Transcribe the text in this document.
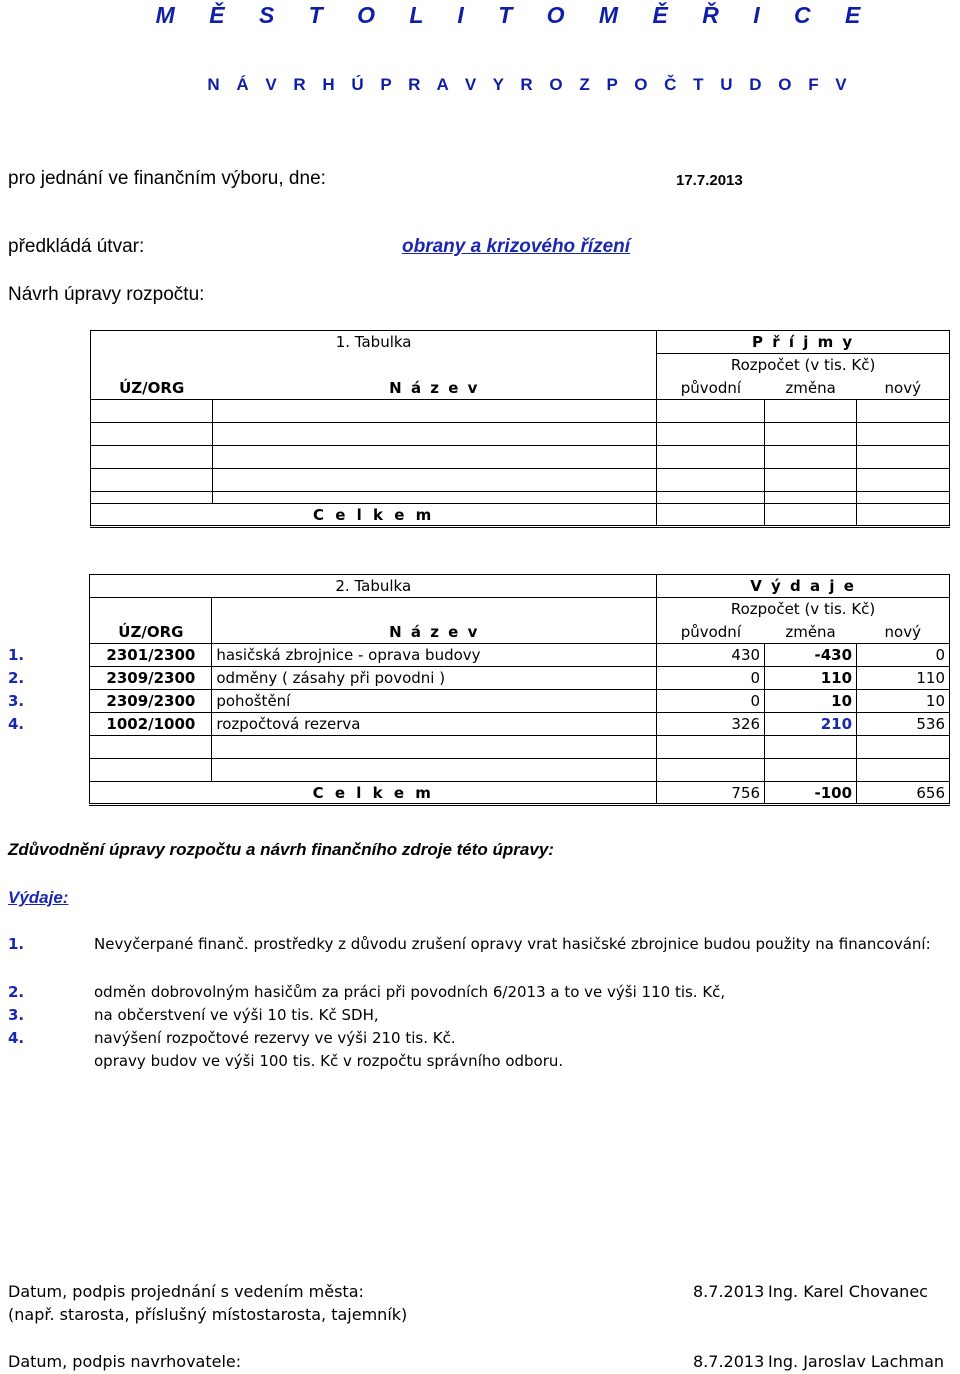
M Ě S T O L I T O M Ě Ř I C E
N Á V R H Ú P R A V Y R O Z P O Č T U D O F V
pro jednání ve finančním výboru, dne:	17.7.2013
předkládá útvar:	obrany a krizového řízení
Návrh úpravy rozpočtu:
1. Tabulka		P ř í j m y		
		Rozpočet (v tis. Kč)		
ÚZ/ORG	N á z e v	původní	změna	nový

C e l k e m				
	2. Tabulka		V ý d a j e		
			Rozpočet (v tis. Kč)		
	ÚZ/ORG	N á z e v	původní	změna	nový
1.	2301/2300	hasičská zbrojnice - oprava budovy	430	-430	0
2.	2309/2300	odměny ( zásahy při povodni )	0	110	110
3.	2309/2300	pohoštění	0	10	10
4.	1002/1000	rozpočtová rezerva	326	210	536

	C e l k e m		756	-100	656
Zdůvodnění úpravy rozpočtu a návrh finančního zdroje této úpravy:
Výdaje:
1.	Nevyčerpané finanč. prostředky z důvodu zrušení opravy vrat hasičské zbrojnice budou použity na financování:
2.	odměn dobrovolným hasičům za práci při povodních 6/2013 a to ve výši 110 tis. Kč,
3.	na občerstvení ve výši 10 tis. Kč SDH,
4.	navýšení rozpočtové rezervy ve výši 210 tis. Kč.
opravy budov ve výši 100 tis. Kč v rozpočtu správního odboru.
Datum, podpis projednání s vedením města:
(např. starosta, příslušný místostarosta, tajemník)
8.7.2013 Ing. Karel Chovanec
Datum, podpis navrhovatele:	8.7.2013 Ing. Jaroslav Lachman
